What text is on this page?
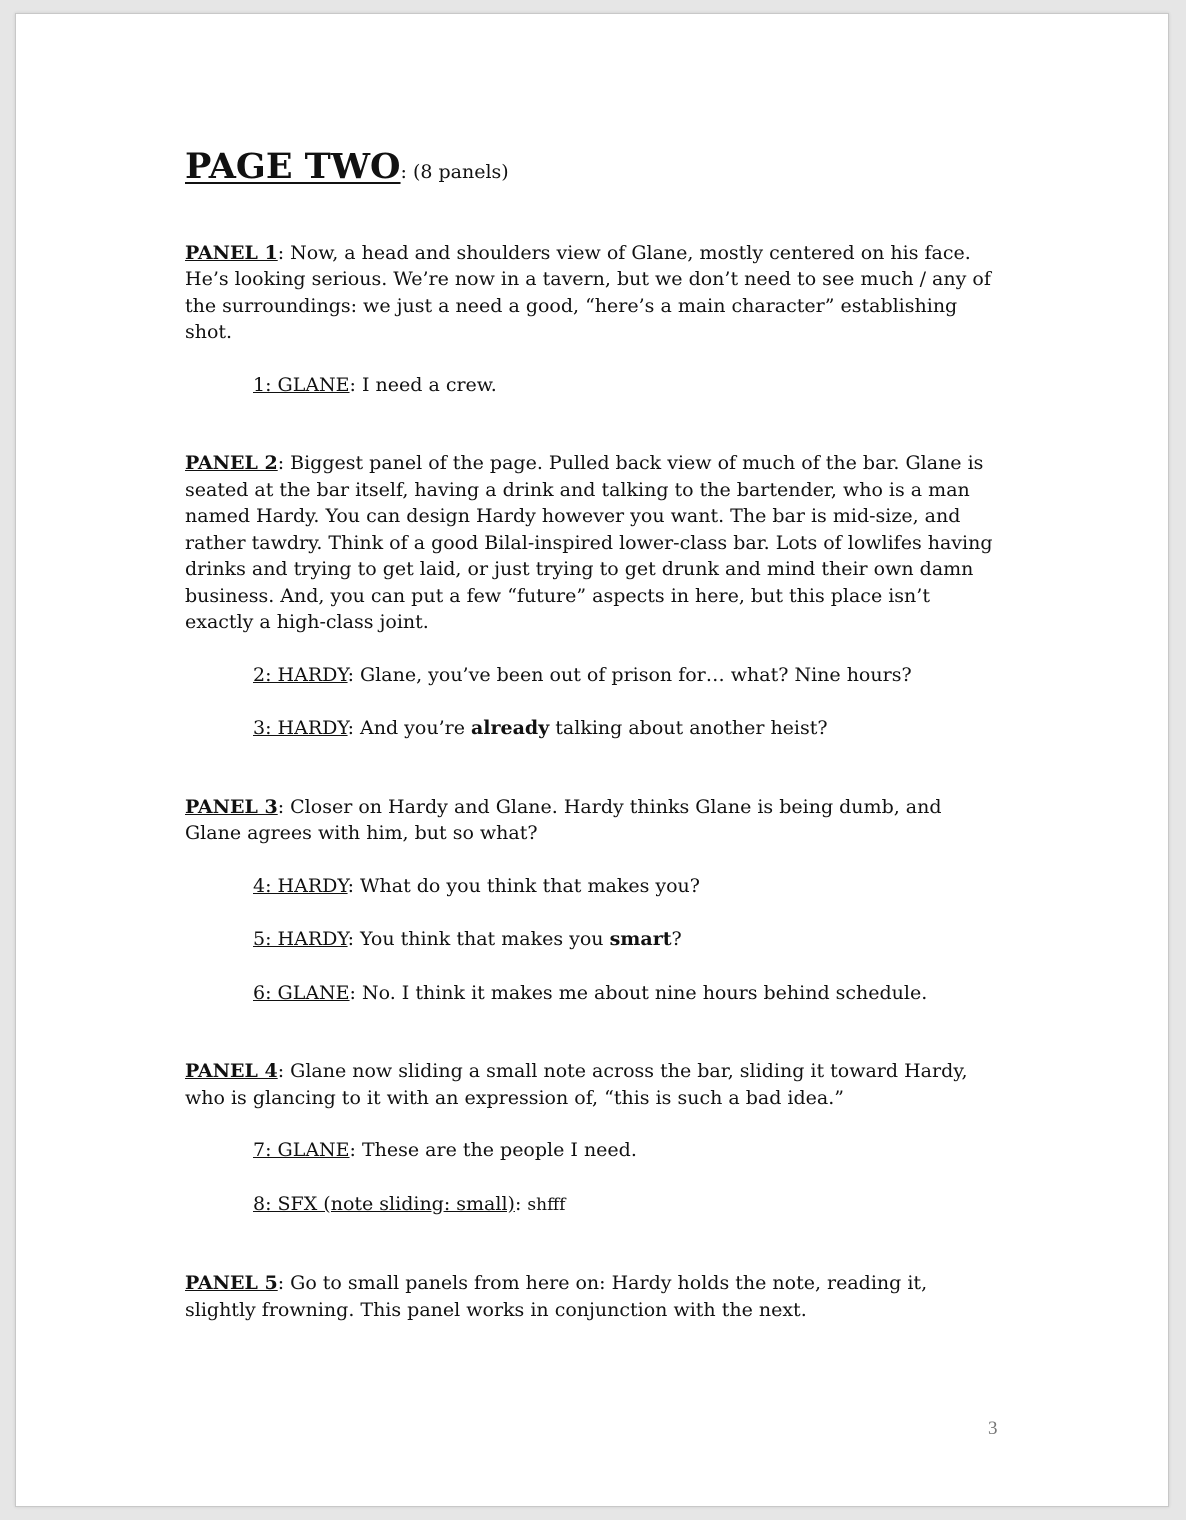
PAGE TWO: (8 panels)

PANEL 1: Now, a head and shoulders view of Glane, mostly centered on his face. He’s looking serious. We’re now in a tavern, but we don’t need to see much / any of the surroundings: we just a need a good, “here’s a main character” establishing shot.

1: GLANE: I need a crew.

PANEL 2: Biggest panel of the page. Pulled back view of much of the bar. Glane is seated at the bar itself, having a drink and talking to the bartender, who is a man named Hardy. You can design Hardy however you want. The bar is mid-size, and rather tawdry. Think of a good Bilal-inspired lower-class bar. Lots of lowlifes having drinks and trying to get laid, or just trying to get drunk and mind their own damn business. And, you can put a few “future” aspects in here, but this place isn’t exactly a high-class joint.

2: HARDY: Glane, you’ve been out of prison for… what? Nine hours?

3: HARDY: And you’re already talking about another heist?

PANEL 3: Closer on Hardy and Glane. Hardy thinks Glane is being dumb, and Glane agrees with him, but so what?

4: HARDY: What do you think that makes you?

5: HARDY: You think that makes you smart?

6: GLANE: No. I think it makes me about nine hours behind schedule.

PANEL 4: Glane now sliding a small note across the bar, sliding it toward Hardy, who is glancing to it with an expression of, “this is such a bad idea.”

7: GLANE: These are the people I need.

8: SFX (note sliding: small): shfff

PANEL 5: Go to small panels from here on: Hardy holds the note, reading it, slightly frowning. This panel works in conjunction with the next.

3
